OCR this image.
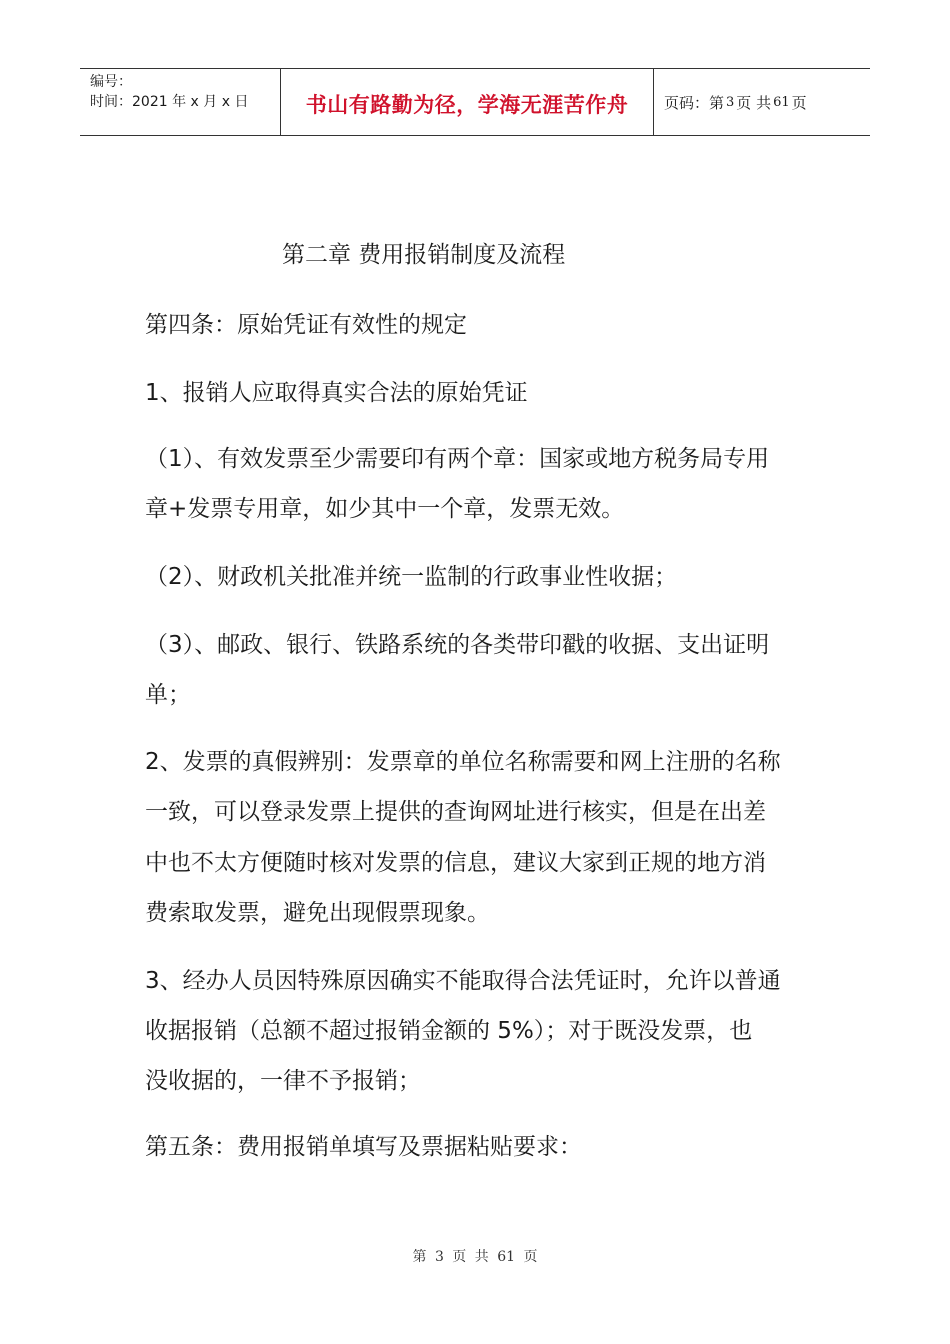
编号：
时间：2021 年 x 月 x 日	书山有路勤为径，学海无涯苦作舟 页码：第 3 页 共 61 页
第二章 费用报销制度及流程
第四条：原始凭证有效性的规定
1、报销人应取得真实合法的原始凭证
（1）、有效发票至少需要印有两个章：国家或地方税务局专用
章+发票专用章，如少其中一个章，发票无效。
（2）、财政机关批准并统一监制的行政事业性收据；
（3）、邮政、银行、铁路系统的各类带印戳的收据、支出证明
单；
2、发票的真假辨别：发票章的单位名称需要和网上注册的名称
一致，可以登录发票上提供的查询网址进行核实，但是在出差
中也不太方便随时核对发票的信息，建议大家到正规的地方消
费索取发票，避免出现假票现象。
3、经办人员因特殊原因确实不能取得合法凭证时，允许以普通
收据报销（总额不超过报销金额的 5%）；对于既没发票，也
没收据的，一律不予报销；
第五条：费用报销单填写及票据粘贴要求：
第 3 页 共 61 页
